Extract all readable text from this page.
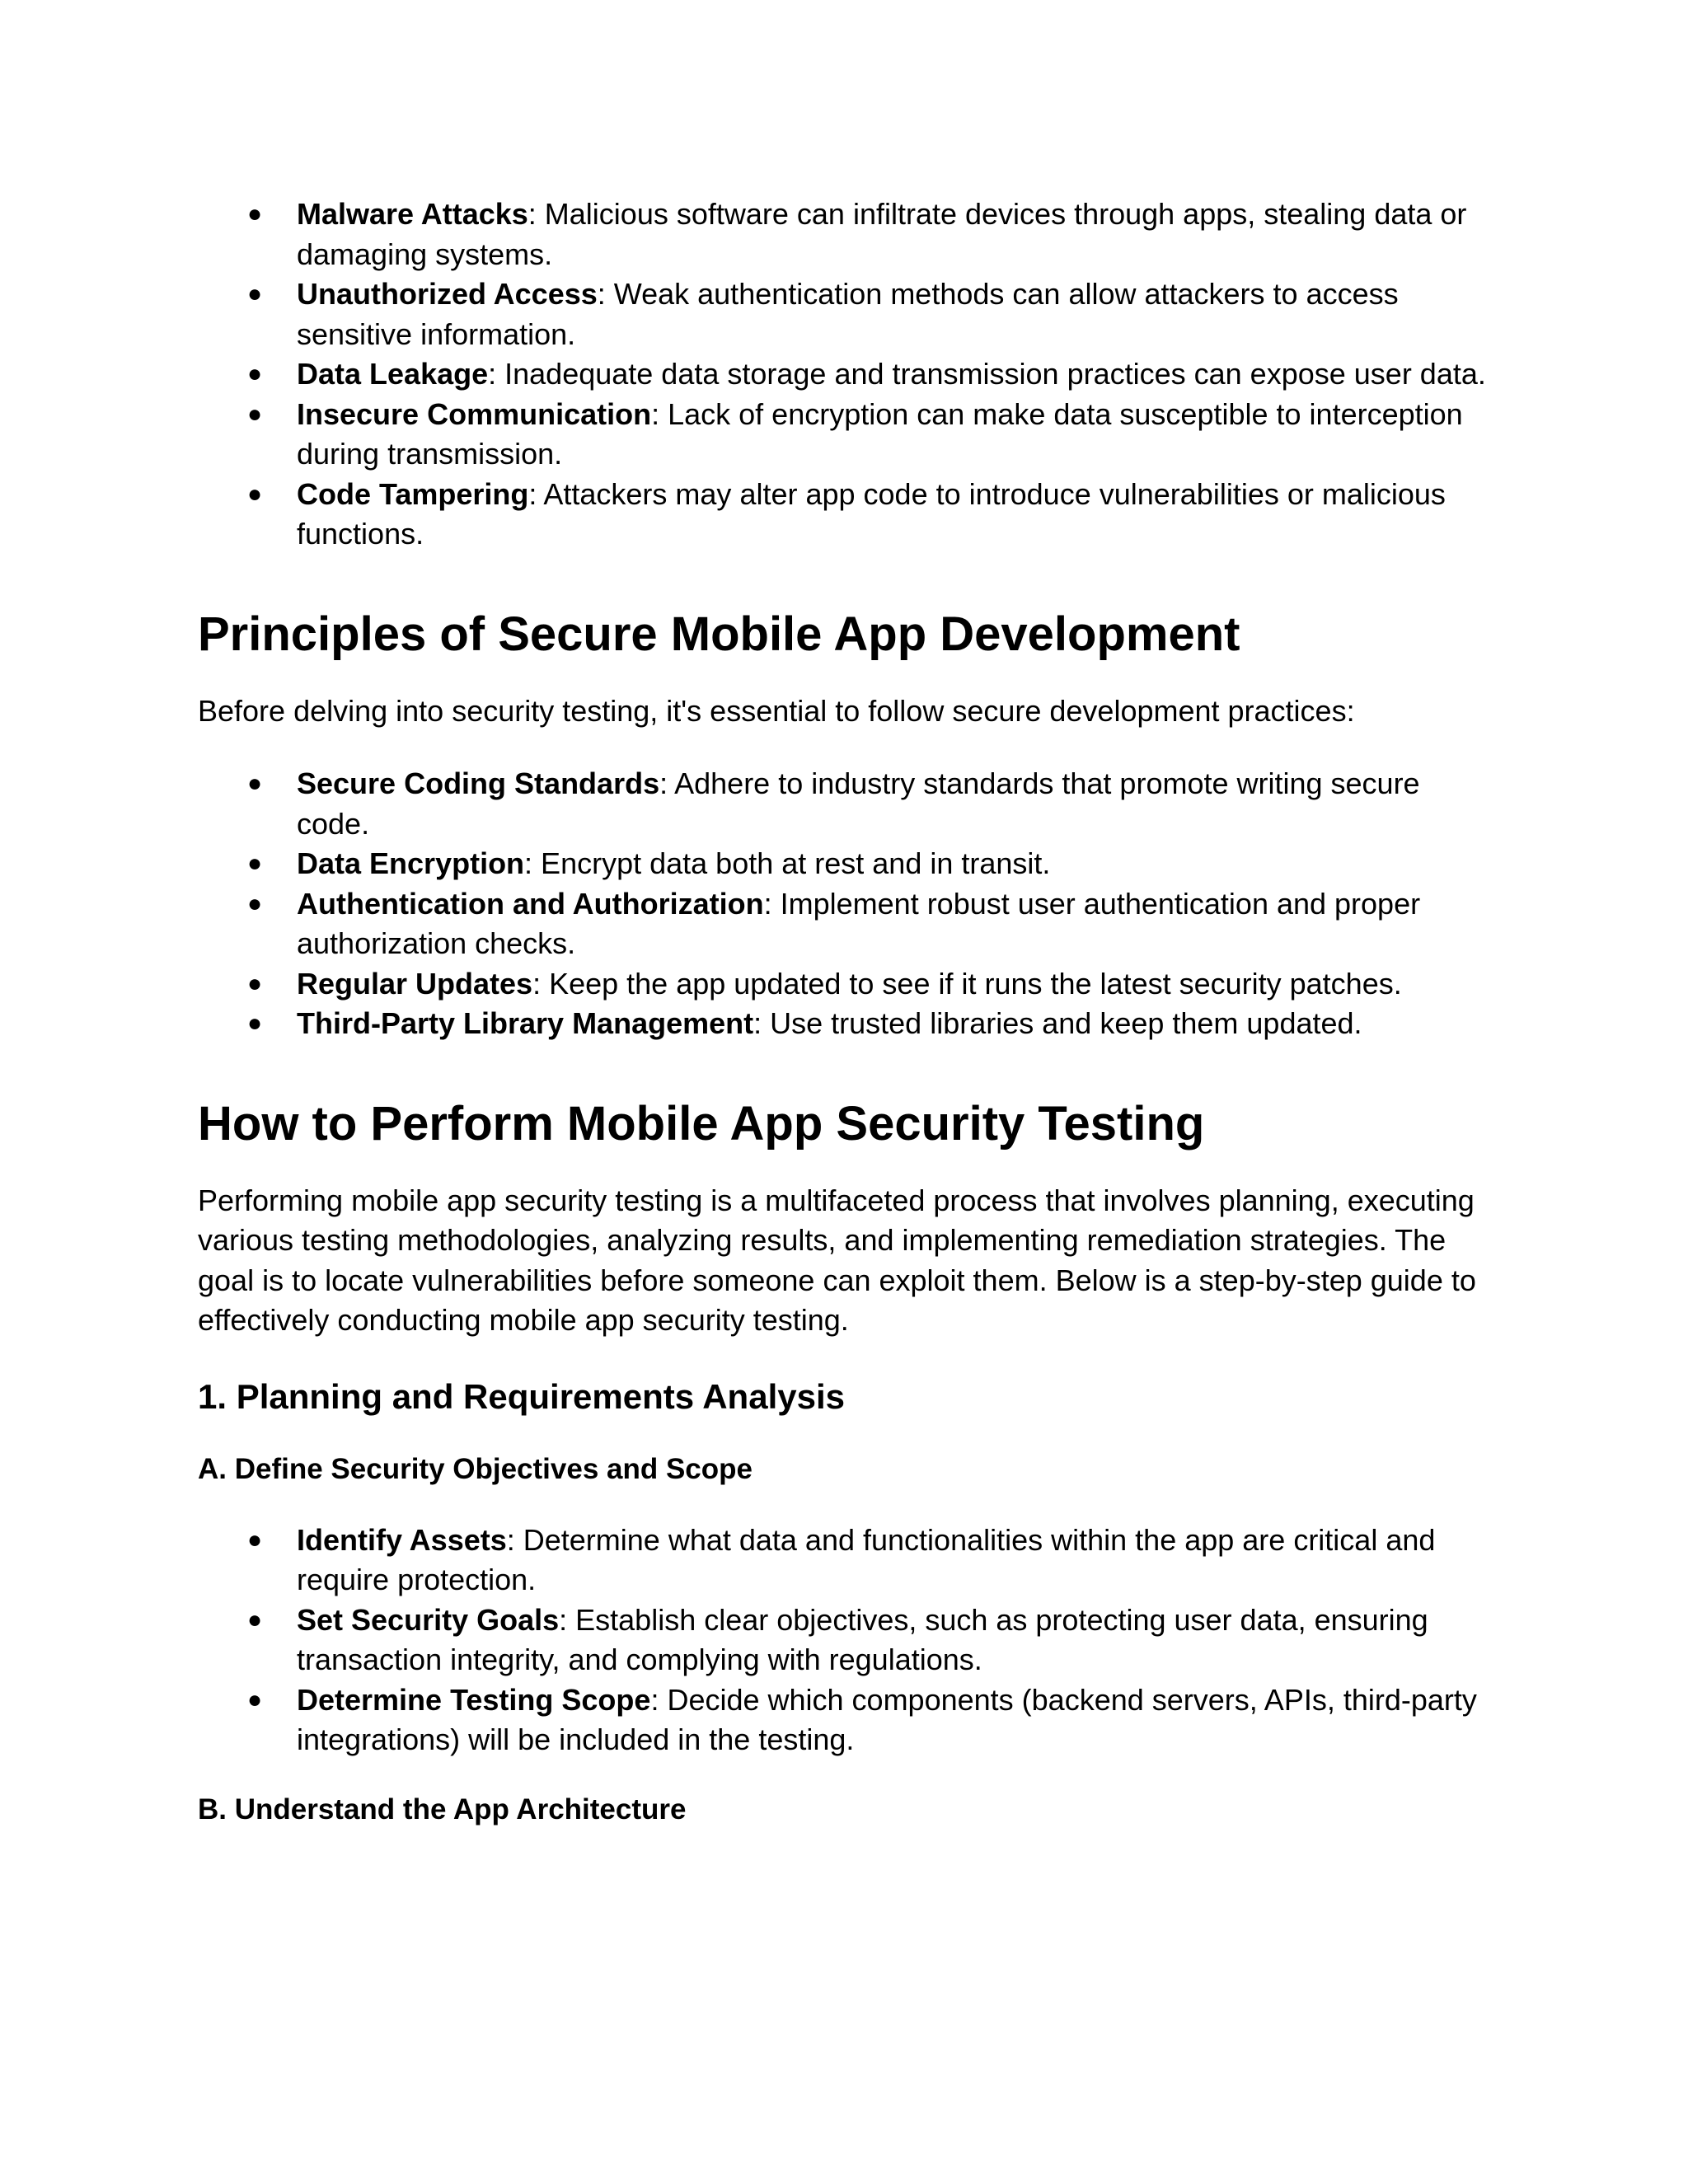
● Malware Attacks: Malicious software can infiltrate devices through apps, stealing data or damaging systems.
● Unauthorized Access: Weak authentication methods can allow attackers to access sensitive information.
● Data Leakage: Inadequate data storage and transmission practices can expose user data.
● Insecure Communication: Lack of encryption can make data susceptible to interception during transmission.
● Code Tampering: Attackers may alter app code to introduce vulnerabilities or malicious functions.
Principles of Secure Mobile App Development

Before delving into security testing, it's essential to follow secure development practices:

● Secure Coding Standards: Adhere to industry standards that promote writing secure code.
● Data Encryption: Encrypt data both at rest and in transit.
● Authentication and Authorization: Implement robust user authentication and proper authorization checks.
● Regular Updates: Keep the app updated to see if it runs the latest security patches.
● Third-Party Library Management: Use trusted libraries and keep them updated.
How to Perform Mobile App Security Testing

Performing mobile app security testing is a multifaceted process that involves planning, executing various testing methodologies, analyzing results, and implementing remediation strategies. The goal is to locate vulnerabilities before someone can exploit them. Below is a step-by-step guide to effectively conducting mobile app security testing.

1. Planning and Requirements Analysis
A. Define Security Objectives and Scope
● Identify Assets: Determine what data and functionalities within the app are critical and require protection.
● Set Security Goals: Establish clear objectives, such as protecting user data, ensuring transaction integrity, and complying with regulations.
● Determine Testing Scope: Decide which components (backend servers, APIs, third-party integrations) will be included in the testing.
B. Understand the App Architecture
